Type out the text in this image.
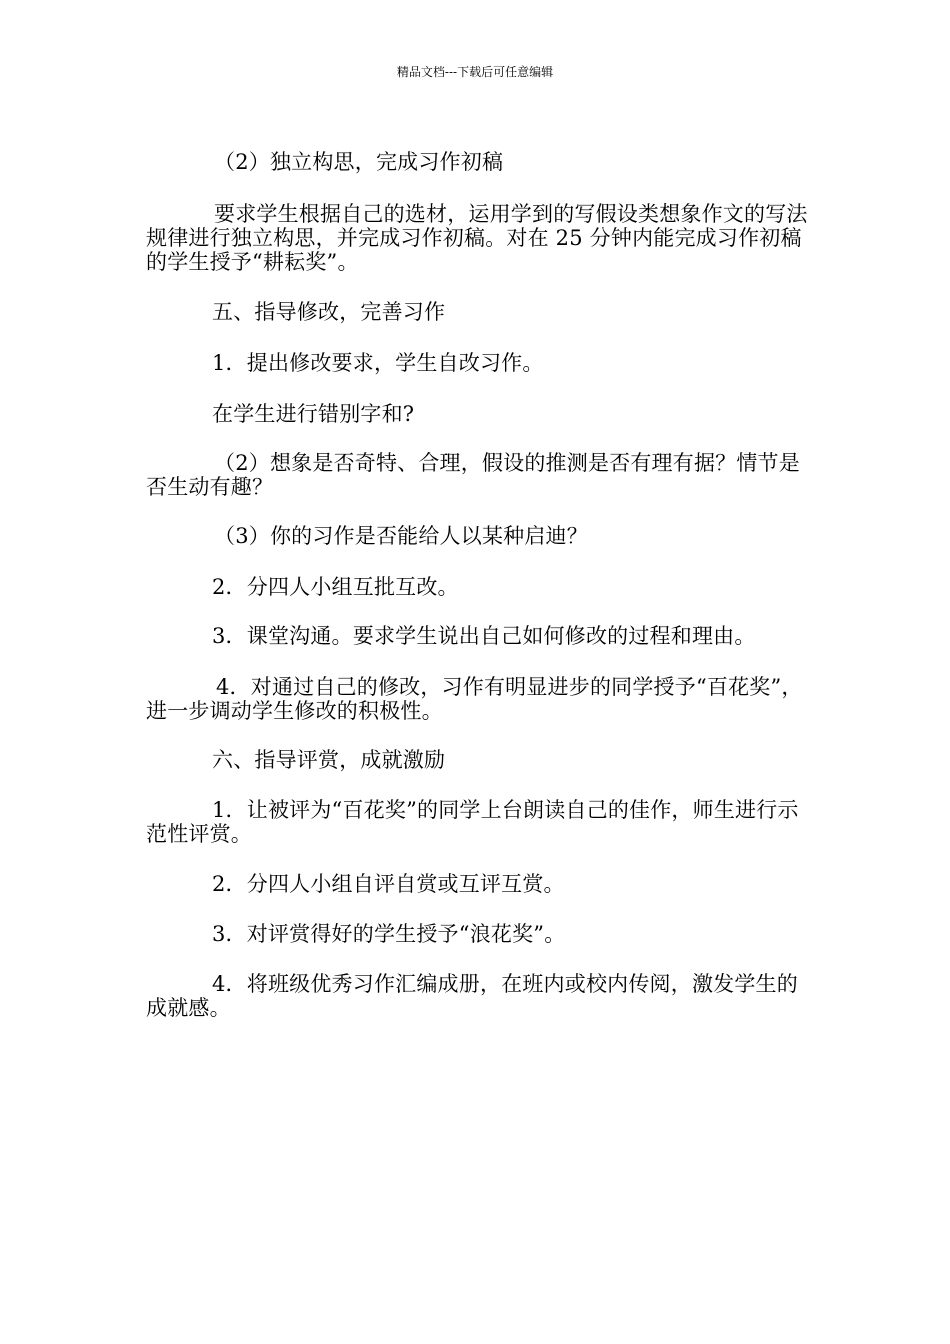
精品文档---下载后可任意编辑

（2）独立构思，完成习作初稿

要求学生根据自己的选材，运用学到的写假设类想象作文的写法规律进行独立构思，并完成习作初稿。对在 25 分钟内能完成习作初稿的学生授予“耕耘奖”。

五、指导修改，完善习作

1．提出修改要求，学生自改习作。

在学生进行错别字和?

（2）想象是否奇特、合理，假设的推测是否有理有据？情节是否生动有趣？

（3）你的习作是否能给人以某种启迪？

2．分四人小组互批互改。

3．课堂沟通。要求学生说出自己如何修改的过程和理由。

4．对通过自己的修改，习作有明显进步的同学授予“百花奖”，进一步调动学生修改的积极性。

六、指导评赏，成就激励

1．让被评为“百花奖”的同学上台朗读自己的佳作，师生进行示范性评赏。

2．分四人小组自评自赏或互评互赏。

3．对评赏得好的学生授予“浪花奖”。

4．将班级优秀习作汇编成册，在班内或校内传阅，激发学生的成就感。
